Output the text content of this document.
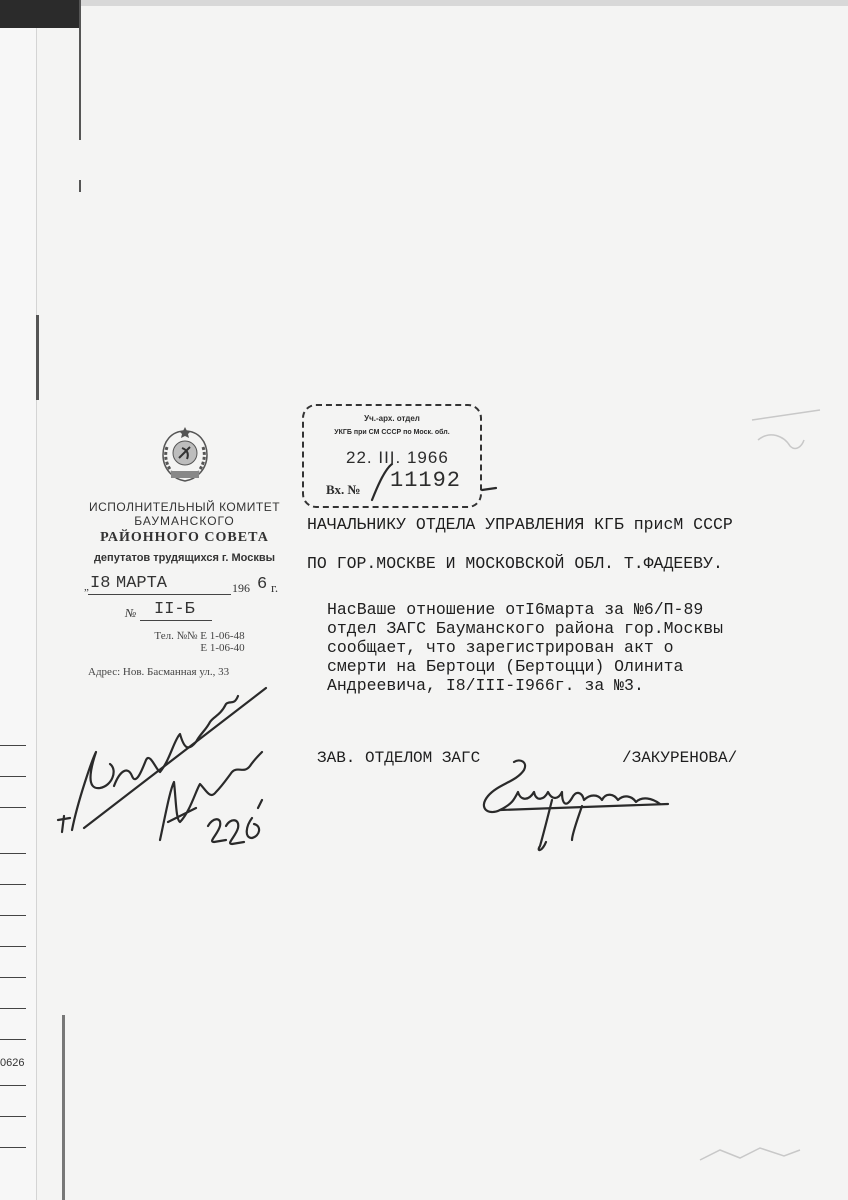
0626
ИСПОЛНИТЕЛЬНЫЙ КОМИТЕТ
БАУМАНСКОГО
РАЙОННОГО СОВЕТА
депутатов трудящихся г. Москвы
„ I8 МАРТА	196 6 г.
№ II-Б
Тел. №№ Е 1-06-48
Е 1-06-40
Адрес: Нов. Басманная ул., 33
Уч.-арх. отдел
УКГБ при СМ СССР по Моск. обл.
22. III. 1966
Вх. № 11192
НАЧАЛЬНИКУ ОТДЕЛА УПРАВЛЕНИЯ КГБ присМ СССР
ПО ГОР.МОСКВЕ И МОСКОВСКОЙ ОБЛ. Т.ФАДЕЕВУ.
НасВаше отношение отI6марта за №6/П-89
отдел ЗАГС Бауманского района гор.Москвы
сообщает, что зарегистрирован акт о
смерти на Бертоци (Бертоцци) Олинита
Андреевича, I8/III-I966г. за №3.
ЗАВ. ОТДЕЛОМ ЗАГС	/ЗАКУРЕНОВА/
